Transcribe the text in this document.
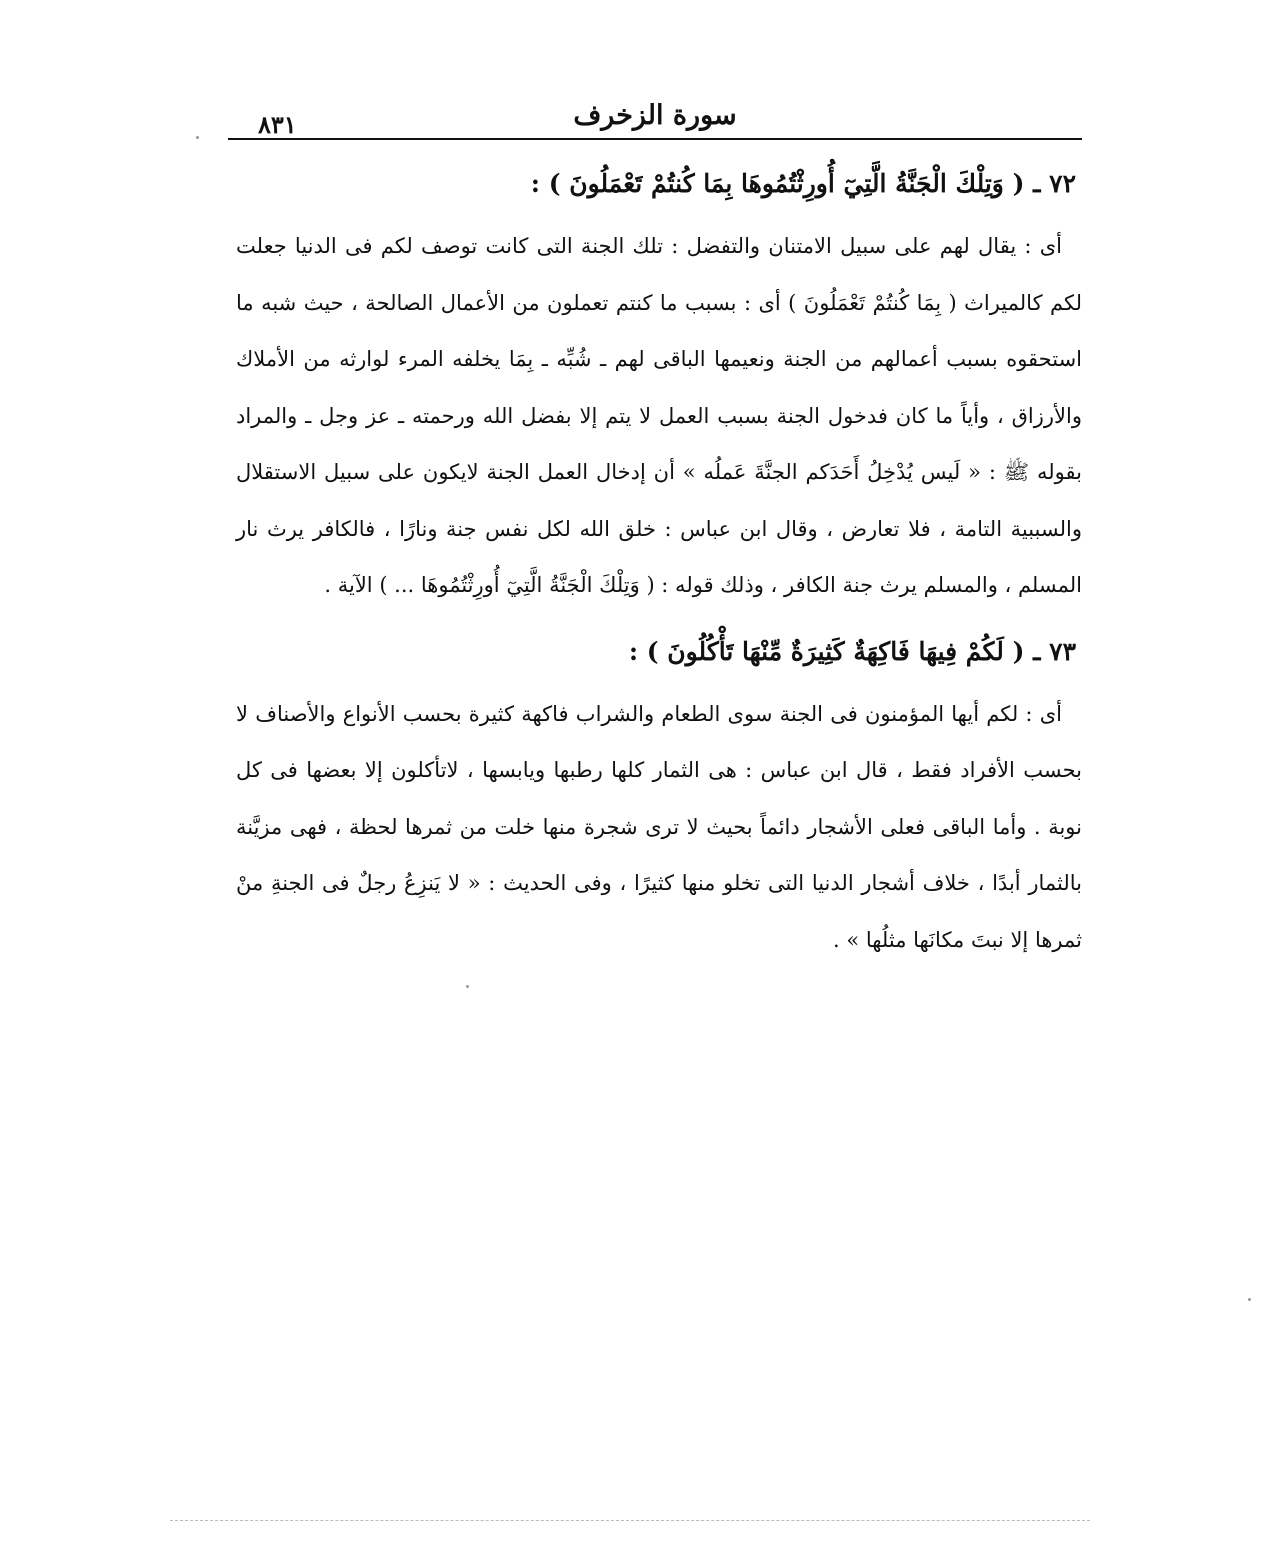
٨٣١	سورة الزخرف
٧٢ ـ ( وَتِلْكَ الْجَنَّةُ الَّتِيٓ أُورِثْتُمُوهَا بِمَا كُنتُمْ تَعْمَلُونَ ) :

أى : يقال لهم على سبيل الامتنان والتفضل : تلك الجنة التى كانت توصف لكم فى الدنيا جعلت لكم كالميراث ( بِمَا كُنتُمْ تَعْمَلُونَ ) أى : بسبب ما كنتم تعملون من الأعمال الصالحة ، حيث شبه ما استحقوه بسبب أعمالهم من الجنة ونعيمها الباقى لهم ـ شُبِّه ـ بِمَا يخلفه المرء لوارثه من الأملاك والأرزاق ، وأياً ما كان فدخول الجنة بسبب العمل لا يتم إلا بفضل الله ورحمته ـ عز وجل ـ والمراد بقوله ﷺ : « لَيس يُدْخِلُ أَحَدَكم الجنَّةَ عَملُه » أن إدخال العمل الجنة لايكون على سبيل الاستقلال والسببية التامة ، فلا تعارض ، وقال ابن عباس : خلق الله لكل نفس جنة ونارًا ، فالكافر يرث نار المسلم ، والمسلم يرث جنة الكافر ، وذلك قوله : ( وَتِلْكَ الْجَنَّةُ الَّتِيٓ أُورِثْتُمُوهَا ... ) الآية .

٧٣ ـ ( لَكُمْ فِيهَا فَاكِهَةٌ كَثِيرَةٌ مِّنْهَا تَأْكُلُونَ ) :

أى : لكم أيها المؤمنون فى الجنة سوى الطعام والشراب فاكهة كثيرة بحسب الأنواع والأصناف لا بحسب الأفراد فقط ، قال ابن عباس : هى الثمار كلها رطبها ويابسها ، لاتأكلون إلا بعضها فى كل نوبة . وأما الباقى فعلى الأشجار دائماً بحيث لا ترى شجرة منها خلت من ثمرها لحظة ، فهى مزيَّنة بالثمار أبدًا ، خلاف أشجار الدنيا التى تخلو منها كثيرًا ، وفى الحديث : « لا يَنزِعُ رجلٌ فى الجنةِ منْ ثمرها إلا نبتَ مكانَها مثلُها » .
